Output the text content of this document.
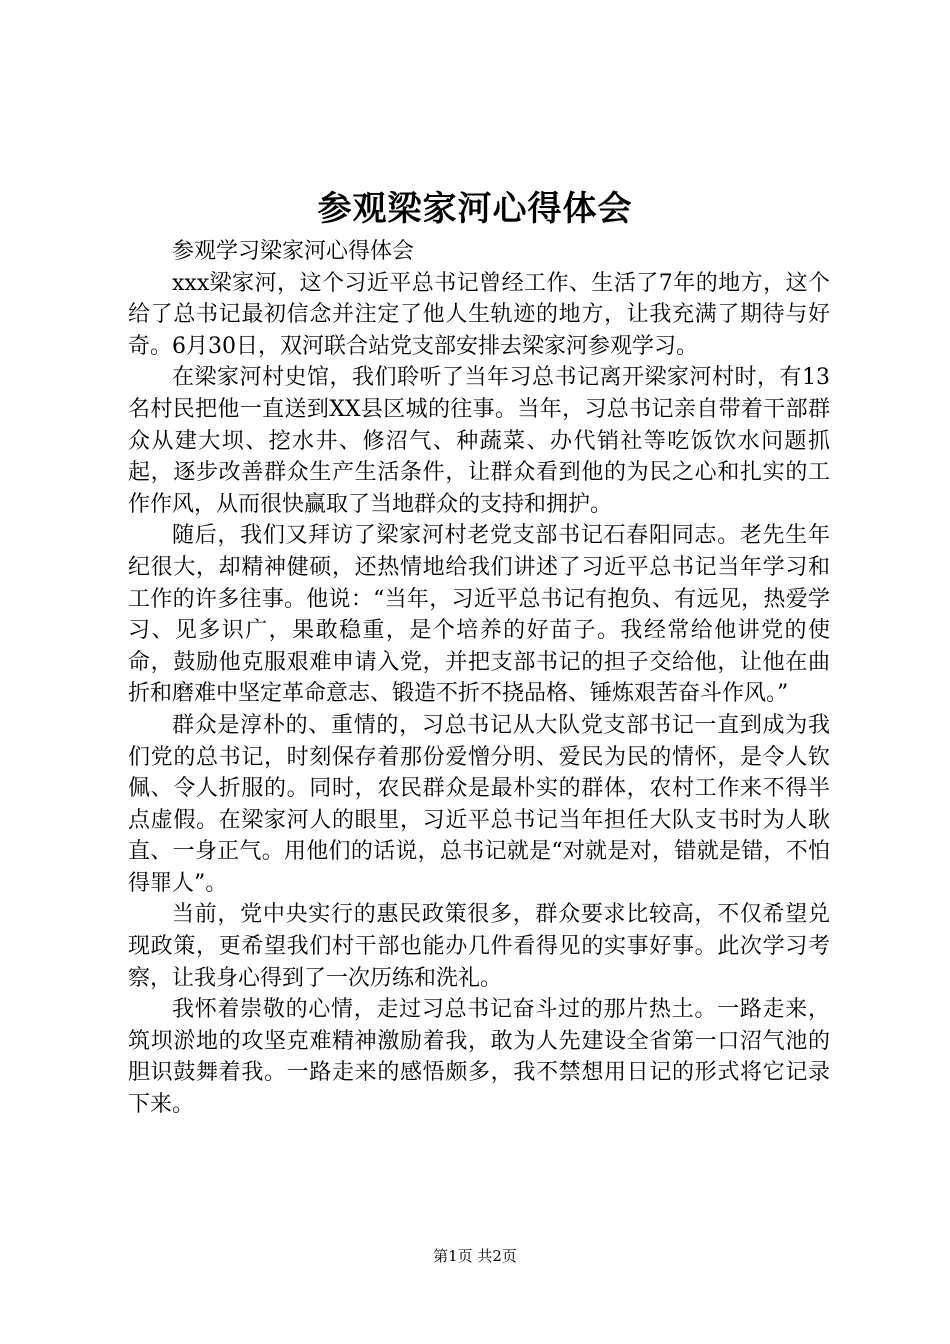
参观梁家河心得体会

参观学习梁家河心得体会

xxx梁家河，这个习近平总书记曾经工作、生活了7年的地方，这个给了总书记最初信念并注定了他人生轨迹的地方，让我充满了期待与好奇。6月30日，双河联合站党支部安排去梁家河参观学习。

在梁家河村史馆，我们聆听了当年习总书记离开梁家河村时，有13名村民把他一直送到XX县区城的往事。当年，习总书记亲自带着干部群众从建大坝、挖水井、修沼气、种蔬菜、办代销社等吃饭饮水问题抓起，逐步改善群众生产生活条件，让群众看到他的为民之心和扎实的工作作风，从而很快赢取了当地群众的支持和拥护。

随后，我们又拜访了梁家河村老党支部书记石春阳同志。老先生年纪很大，却精神健硕，还热情地给我们讲述了习近平总书记当年学习和工作的许多往事。他说：“当年，习近平总书记有抱负、有远见，热爱学习、见多识广，果敢稳重，是个培养的好苗子。我经常给他讲党的使命，鼓励他克服艰难申请入党，并把支部书记的担子交给他，让他在曲折和磨难中坚定革命意志、锻造不折不挠品格、锤炼艰苦奋斗作风。”

群众是淳朴的、重情的，习总书记从大队党支部书记一直到成为我们党的总书记，时刻保存着那份爱憎分明、爱民为民的情怀，是令人钦佩、令人折服的。同时，农民群众是最朴实的群体，农村工作来不得半点虚假。在梁家河人的眼里，习近平总书记当年担任大队支书时为人耿直、一身正气。用他们的话说，总书记就是“对就是对，错就是错，不怕得罪人”。

当前，党中央实行的惠民政策很多，群众要求比较高，不仅希望兑现政策，更希望我们村干部也能办几件看得见的实事好事。此次学习考察，让我身心得到了一次历练和洗礼。

我怀着崇敬的心情，走过习总书记奋斗过的那片热土。一路走来，筑坝淤地的攻坚克难精神激励着我，敢为人先建设全省第一口沼气池的胆识鼓舞着我。一路走来的感悟颇多，我不禁想用日记的形式将它记录下来。

第1页 共2页
